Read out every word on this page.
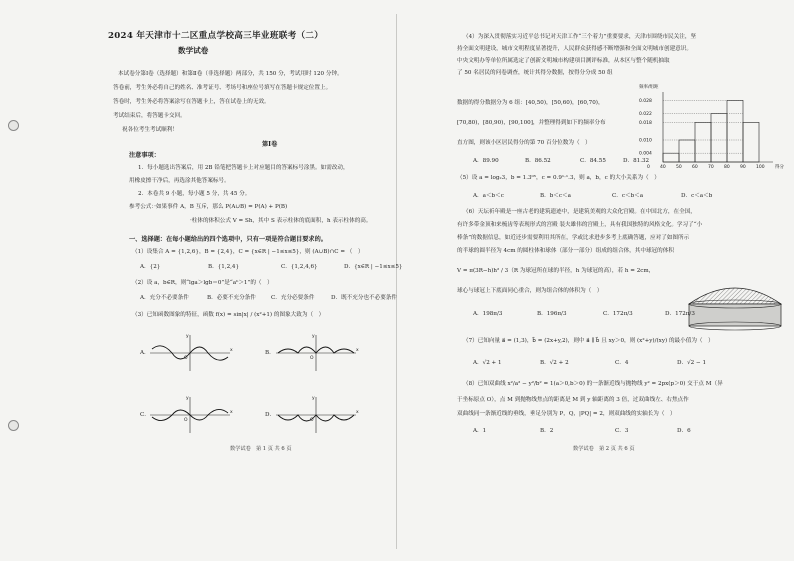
2024 年天津市十二区重点学校高三毕业班联考（二）
数学试卷
本试卷分第Ⅰ卷（选择题）和第Ⅱ卷（非选择题）两部分，共 150 分，考试用时 120 分钟。
答卷前，考生务必将自己的姓名、准考证号、考场号和座位号填写在答题卡规定位置上。
答卷时，考生务必将答案涂写在答题卡上，答在试卷上的无效。
考试结束后，将答题卡交回。
祝各位考生考试顺利！
第Ⅰ卷
注意事项：
1．每小题选出答案后，用 2B 铅笔把答题卡上对应题目的答案标号涂黑。如需改动，
用橡皮擦干净后，再选涂其他答案标号。
2．本卷共 9 小题，每小题 5 分，共 45 分。
参考公式：·如果事件 A，B 互斥，那么 P(A∪B) = P(A) + P(B)
·柱体的体积公式 V = Sh，其中 S 表示柱体的底面积，h 表示柱体的高。
一、选择题：在每小题给出的四个选项中，只有一项是符合题目要求的。
（1）设集合 A = {1,2,6}，B = {2,4}，C = {x∈R | −1≤x≤5}，则 (A∪B)∩C = （　）
A．{2}	B．{1,2,4}	C．{1,2,4,6}	D．{x∈R | −1≤x≤5}
（2）设 a，b∈R，则“lga＞lgb＝0”是“aᵇ＞1”的（　）
A．充分不必要条件	B．必要不充分条件	C．充分必要条件	D．既不充分也不必要条件
（3）已知函数图象的特征，函数 f(x) = sin|x| / (x²+1) 的图象大致为（　）
A．
y
x
O
B．
y
x
O
C．
y
x
O
D．
y
x
O
数学试卷　第 1 页 共 6 页
（4）为深入贯彻落实习近平总书记对天津工作“三个着力”重要要求，天津市围绕市民关注，坚
持全面文明建设，城市文明程度显著提升，人民群众获得感不断增强和全面文明城市创建意识。
中央文明办等单位所属选定了创新文明城市构建项目测评标准，从本区与整个随机抽取
了 50 名居民的问卷调查，统计其得分数据，按得分分成 50 组
数据的得分数据分为 6 组：[40,50)，[50,60)，[60,70)，
[70,80)，[80,90)，[90,100]，并整理得到如下的频率分布
直方图，则该小区居民得分的第 70 百分位数为（　）
频率/组距
得分
0
0.028
0.022
0.018
0.010
0.004
40 50 60 70 80 90 100
A．89.90	B．86.52	C．84.55	D．81.32
（5）设 a = log₂3，b = 1.3⁰⁵，c = 0.9¹·¹.3，则 a，b，c 的大小关系为（　）
A．a＜b＜c	B．b＜c＜a	C．c＜b＜a	D．c＜a＜b
（6）天坛祈年殿是一座古老的建筑遗迹中，是建筑美观的大众化宫殿。在中国北方，在全国，
有许多带金顶和来梳齿等表现形式的宫殿 装夫雄伟的宫殿上，具有我国独特的风格文化。学习了“小
棒条”的数据信息，如近还步需要利用其所在，学或比求进步多考上底确答题，应对了如图所示
的半球的圆半径为 4cm 的圆柱体和球体（部分一部分）组成的组合体，其中球冠的体积
V = π(3R−h)h² / 3（R 为球冠所在球的半径，h 为球冠的高），若 h = 2cm，
球心与球冠上下底面同心重合，则为组合体的体积为（　）
A．198π/3	B．196π/3	C．172π/3	D．172π/3
（7）已知向量 a⃗ = (1,3)，b⃗ = (2x+y,2)，则中 a⃗ ∥ b⃗ 且 xy＞0，则 (x²+y)/(xy) 的最小值为（　）
A．√2 + 1	B．√2 + 2	C．4	D．√2 − 1
（8）已知双曲线 x²/a² − y²/b² = 1(a＞0,b＞0) 的一条渐近线与抛物线 y² = 2px(p＞0) 交于点 M（异
于坐标原点 O），点 M 到抛物线焦点的距离是 M 到 y 轴距离的 3 倍，过双曲线左、右焦点作
双曲线同一条渐近线的垂线，垂足分别为 P，Q，|PQ| = 2，则双曲线的实轴长为（　）
A．1	B．2	C．3	D．6
数学试卷　第 2 页 共 6 页
